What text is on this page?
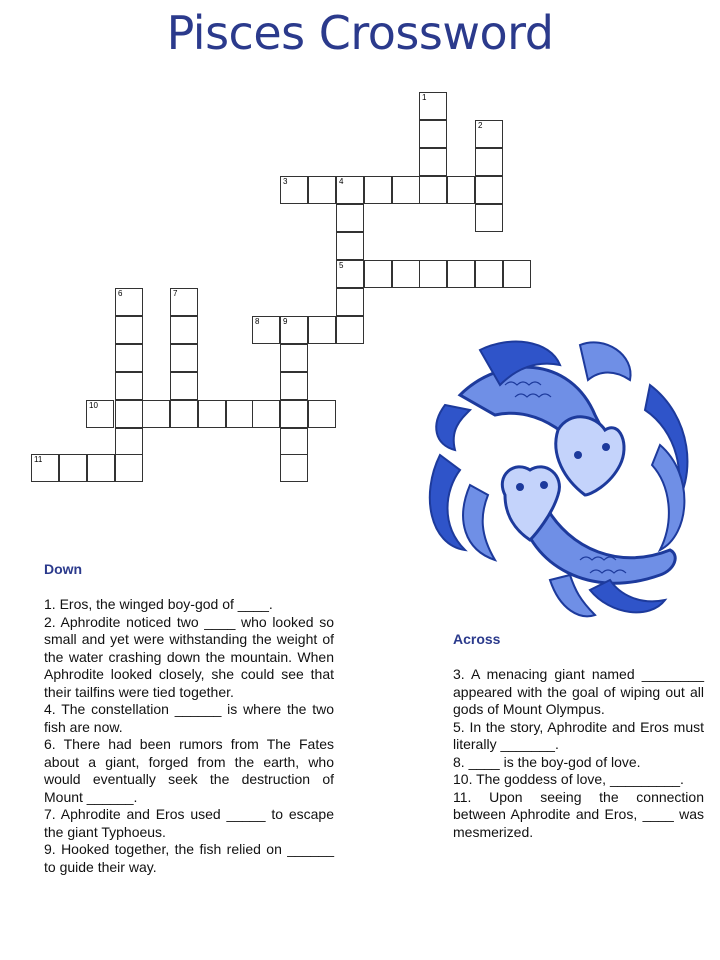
Pisces Crossword
1
2
3	4
5
6	7
8	9
10
11
Down

1. Eros, the winged boy-god of ____.

2. Aphrodite noticed two ____ who looked so small and yet were withstanding the weight of the water crashing down the mountain. When Aphrodite looked closely, she could see that their tailfins were tied together.

4. The constellation ______ is where the two fish are now.

6. There had been rumors from The Fates about a giant, forged from the earth, who would eventually seek the destruction of Mount ______.

7. Aphrodite and Eros used _____ to escape the giant Typhoeus.

9. Hooked together, the fish relied on ______ to guide their way.

Across

3. A menacing giant named ________ appeared with the goal of wiping out all gods of Mount Olympus.

5. In the story, Aphrodite and Eros must literally _______.

8. ____ is the boy-god of love.

10. The goddess of love, _________.

11. Upon seeing the connection between Aphrodite and Eros, ____ was mesmerized.
